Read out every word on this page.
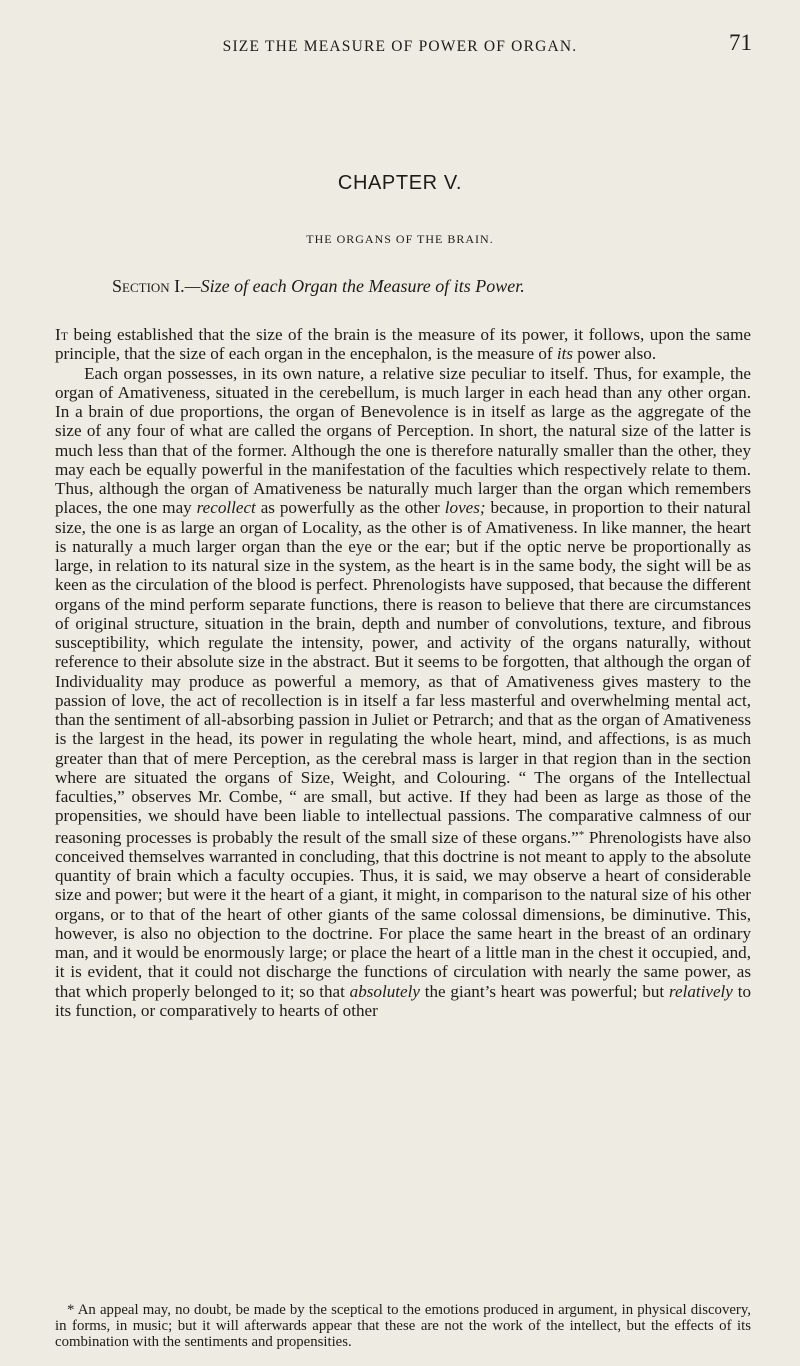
SIZE THE MEASURE OF POWER OF ORGAN.	71
CHAPTER V.
THE ORGANS OF THE BRAIN.
Section I.—Size of each Organ the Measure of its Power.

It being established that the size of the brain is the measure of its power, it follows, upon the same principle, that the size of each organ in the encephalon, is the measure of its power also.

Each organ possesses, in its own nature, a relative size peculiar to itself. Thus, for example, the organ of Amativeness, situated in the cerebellum, is much larger in each head than any other organ. In a brain of due proportions, the organ of Benevolence is in itself as large as the aggregate of the size of any four of what are called the organs of Perception. In short, the natural size of the latter is much less than that of the former. Although the one is therefore naturally smaller than the other, they may each be equally powerful in the manifestation of the faculties which respectively relate to them. Thus, although the organ of Amativeness be naturally much larger than the organ which remembers places, the one may recollect as powerfully as the other loves; because, in proportion to their natural size, the one is as large an organ of Locality, as the other is of Amativeness. In like manner, the heart is naturally a much larger organ than the eye or the ear; but if the optic nerve be proportionally as large, in relation to its natural size in the system, as the heart is in the same body, the sight will be as keen as the circulation of the blood is perfect. Phrenologists have supposed, that because the different organs of the mind perform separate functions, there is reason to believe that there are circumstances of original structure, situation in the brain, depth and number of convolutions, texture, and fibrous susceptibility, which regulate the intensity, power, and activity of the organs naturally, without reference to their absolute size in the abstract. But it seems to be forgotten, that although the organ of Individuality may produce as powerful a memory, as that of Amativeness gives mastery to the passion of love, the act of recollection is in itself a far less masterful and overwhelming mental act, than the sentiment of all-absorbing passion in Juliet or Petrarch; and that as the organ of Amativeness is the largest in the head, its power in regulating the whole heart, mind, and affections, is as much greater than that of mere Perception, as the cerebral mass is larger in that region than in the section where are situated the organs of Size, Weight, and Colouring. “ The organs of the Intellectual faculties,” observes Mr. Combe, “ are small, but active. If they had been as large as those of the propensities, we should have been liable to intellectual passions. The comparative calmness of our reasoning processes is probably the result of the small size of these organs.”* Phrenologists have also conceived themselves warranted in concluding, that this doctrine is not meant to apply to the absolute quantity of brain which a faculty occupies. Thus, it is said, we may observe a heart of considerable size and power; but were it the heart of a giant, it might, in comparison to the natural size of his other organs, or to that of the heart of other giants of the same colossal dimensions, be diminutive. This, however, is also no objection to the doctrine. For place the same heart in the breast of an ordinary man, and it would be enormously large; or place the heart of a little man in the chest it occupied, and, it is evident, that it could not discharge the functions of circulation with nearly the same power, as that which properly belonged to it; so that absolutely the giant’s heart was powerful; but relatively to its function, or comparatively to hearts of other

* An appeal may, no doubt, be made by the sceptical to the emotions produced in argument, in physical discovery, in forms, in music; but it will afterwards appear that these are not the work of the intellect, but the effects of its combination with the sentiments and propensities.
